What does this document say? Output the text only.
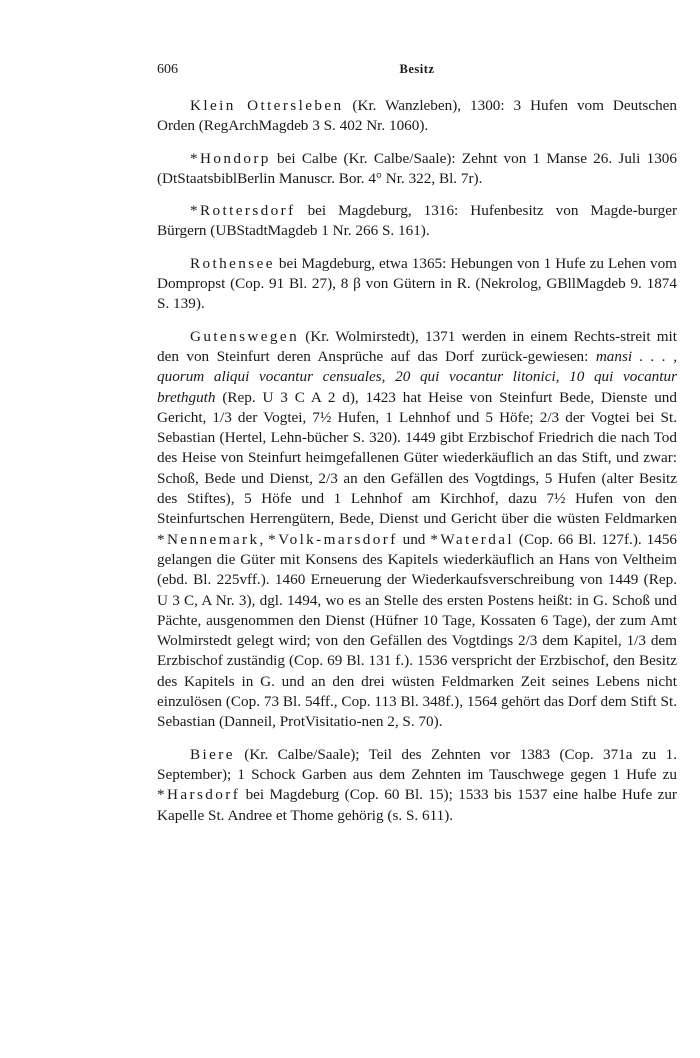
606	Besitz

Klein Ottersleben (Kr. Wanzleben), 1300: 3 Hufen vom Deutschen Orden (RegArchMagdeb 3 S. 402 Nr. 1060).

*Hondorp bei Calbe (Kr. Calbe/Saale): Zehnt von 1 Manse 26. Juli 1306 (DtStaatsbiblBerlin Manuscr. Bor. 4° Nr. 322, Bl. 7r).

*Rottersdorf bei Magdeburg, 1316: Hufenbesitz von Magde-burger Bürgern (UBStadtMagdeb 1 Nr. 266 S. 161).

Rothensee bei Magdeburg, etwa 1365: Hebungen von 1 Hufe zu Lehen vom Dompropst (Cop. 91 Bl. 27), 8 β von Gütern in R. (Nekrolog, GBllMagdeb 9. 1874 S. 139).

Gutenswegen (Kr. Wolmirstedt), 1371 werden in einem Rechts-streit mit den von Steinfurt deren Ansprüche auf das Dorf zurück-gewiesen: mansi . . . , quorum aliqui vocantur censuales, 20 qui vocantur litonici, 10 qui vocantur brethguth (Rep. U 3 C A 2 d), 1423 hat Heise von Steinfurt Bede, Dienste und Gericht, 1/3 der Vogtei, 7½ Hufen, 1 Lehnhof und 5 Höfe; 2/3 der Vogtei bei St. Sebastian (Hertel, Lehn-bücher S. 320). 1449 gibt Erzbischof Friedrich die nach Tod des Heise von Steinfurt heimgefallenen Güter wiederkäuflich an das Stift, und zwar: Schoß, Bede und Dienst, 2/3 an den Gefällen des Vogtdings, 5 Hufen (alter Besitz des Stiftes), 5 Höfe und 1 Lehnhof am Kirchhof, dazu 7½ Hufen von den Steinfurtschen Herrengütern, Bede, Dienst und Gericht über die wüsten Feldmarken *Nennemark, *Volk-marsdorf und *Waterdal (Cop. 66 Bl. 127f.). 1456 gelangen die Güter mit Konsens des Kapitels wiederkäuflich an Hans von Veltheim (ebd. Bl. 225vff.). 1460 Erneuerung der Wiederkaufsverschreibung von 1449 (Rep. U 3 C, A Nr. 3), dgl. 1494, wo es an Stelle des ersten Postens heißt: in G. Schoß und Pächte, ausgenommen den Dienst (Hüfner 10 Tage, Kossaten 6 Tage), der zum Amt Wolmirstedt gelegt wird; von den Gefällen des Vogtdings 2/3 dem Kapitel, 1/3 dem Erzbischof zuständig (Cop. 69 Bl. 131 f.). 1536 verspricht der Erzbischof, den Besitz des Kapitels in G. und an den drei wüsten Feldmarken Zeit seines Lebens nicht einzulösen (Cop. 73 Bl. 54ff., Cop. 113 Bl. 348f.), 1564 gehört das Dorf dem Stift St. Sebastian (Danneil, ProtVisitatio-nen 2, S. 70).

Biere (Kr. Calbe/Saale); Teil des Zehnten vor 1383 (Cop. 371a zu 1. September); 1 Schock Garben aus dem Zehnten im Tauschwege gegen 1 Hufe zu *Harsdorf bei Magdeburg (Cop. 60 Bl. 15); 1533 bis 1537 eine halbe Hufe zur Kapelle St. Andree et Thome gehörig (s. S. 611).
